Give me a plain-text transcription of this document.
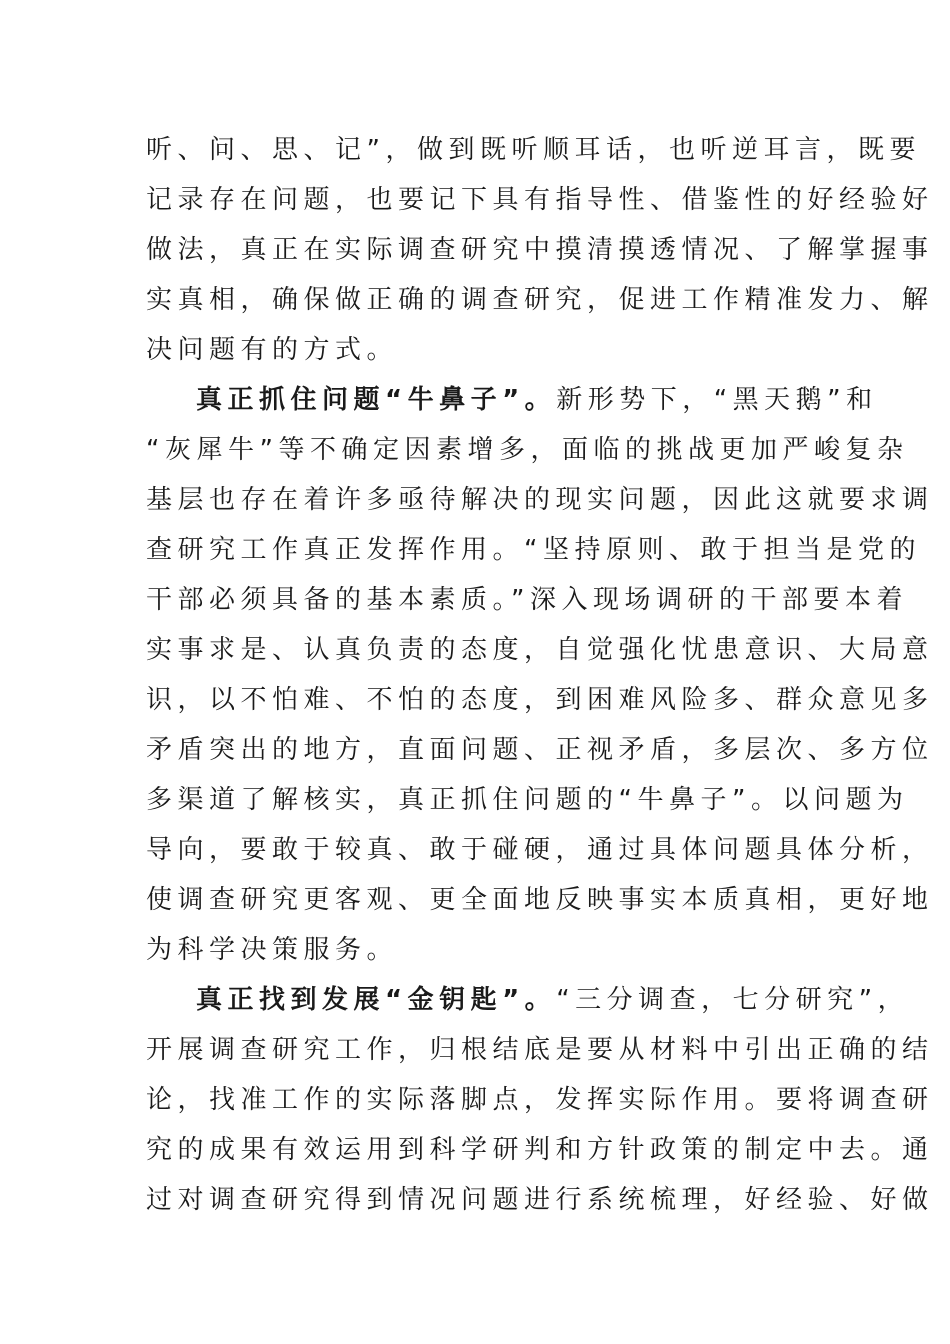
听、问、思、记”，做到既听顺耳话，也听逆耳言，既要
记录存在问题，也要记下具有指导性、借鉴性的好经验好
做法，真正在实际调查研究中摸清摸透情况、了解掌握事
实真相，确保做正确的调查研究，促进工作精准发力、解
决问题有的方式。
真正抓住问题“牛鼻子”。新形势下，“黑天鹅”和
“灰犀牛”等不确定因素增多，面临的挑战更加严峻复杂
基层也存在着许多亟待解决的现实问题，因此这就要求调
查研究工作真正发挥作用。“坚持原则、敢于担当是党的
干部必须具备的基本素质。”深入现场调研的干部要本着
实事求是、认真负责的态度，自觉强化忧患意识、大局意
识，以不怕难、不怕的态度，到困难风险多、群众意见多
矛盾突出的地方，直面问题、正视矛盾，多层次、多方位
多渠道了解核实，真正抓住问题的“牛鼻子”。以问题为
导向，要敢于较真、敢于碰硬，通过具体问题具体分析，
使调查研究更客观、更全面地反映事实本质真相，更好地
为科学决策服务。
真正找到发展“金钥匙”。“三分调查，七分研究”，
开展调查研究工作，归根结底是要从材料中引出正确的结
论，找准工作的实际落脚点，发挥实际作用。要将调查研
究的成果有效运用到科学研判和方针政策的制定中去。通
过对调查研究得到情况问题进行系统梳理，好经验、好做
